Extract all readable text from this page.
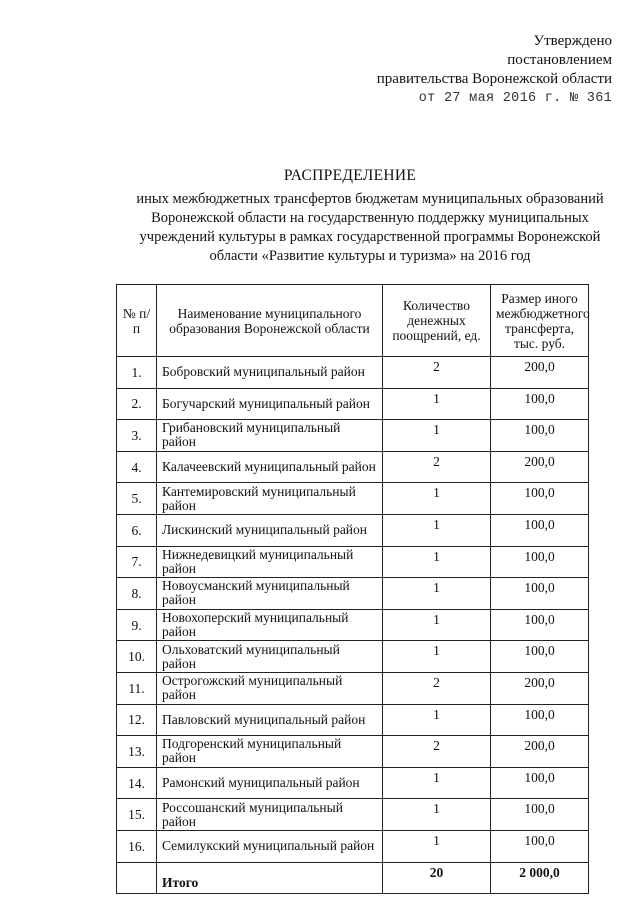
Утверждено
постановлением
правительства Воронежской области
от 27 мая 2016 г. № 361
РАСПРЕДЕЛЕНИЕ
иных межбюджетных трансфертов бюджетам муниципальных образований Воронежской области на государственную поддержку муниципальных учреждений культуры в рамках государственной программы Воронежской области «Развитие культуры и туризма» на 2016 год
№ п/п	Наименование муниципального образования Воронежской области	Количество денежных поощрений, ед.	Размер иного межбюджетного трансферта, тыс. руб.
1.	Бобровский муниципальный район	2	200,0
2.	Богучарский муниципальный район	1	100,0
3.	Грибановский муниципальный район	1	100,0
4.	Калачеевский муниципальный район	2	200,0
5.	Кантемировский муниципальный район	1	100,0
6.	Лискинский муниципальный район	1	100,0
7.	Нижнедевицкий муниципальный район	1	100,0
8.	Новоусманский муниципальный район	1	100,0
9.	Новохоперский муниципальный район	1	100,0
10.	Ольховатский муниципальный район	1	100,0
11.	Острогожский муниципальный район	2	200,0
12.	Павловский муниципальный район	1	100,0
13.	Подгоренский муниципальный район	2	200,0
14.	Рамонский муниципальный район	1	100,0
15.	Россошанский муниципальный район	1	100,0
16.	Семилукский муниципальный район	1	100,0
	Итого	20	2 000,0
